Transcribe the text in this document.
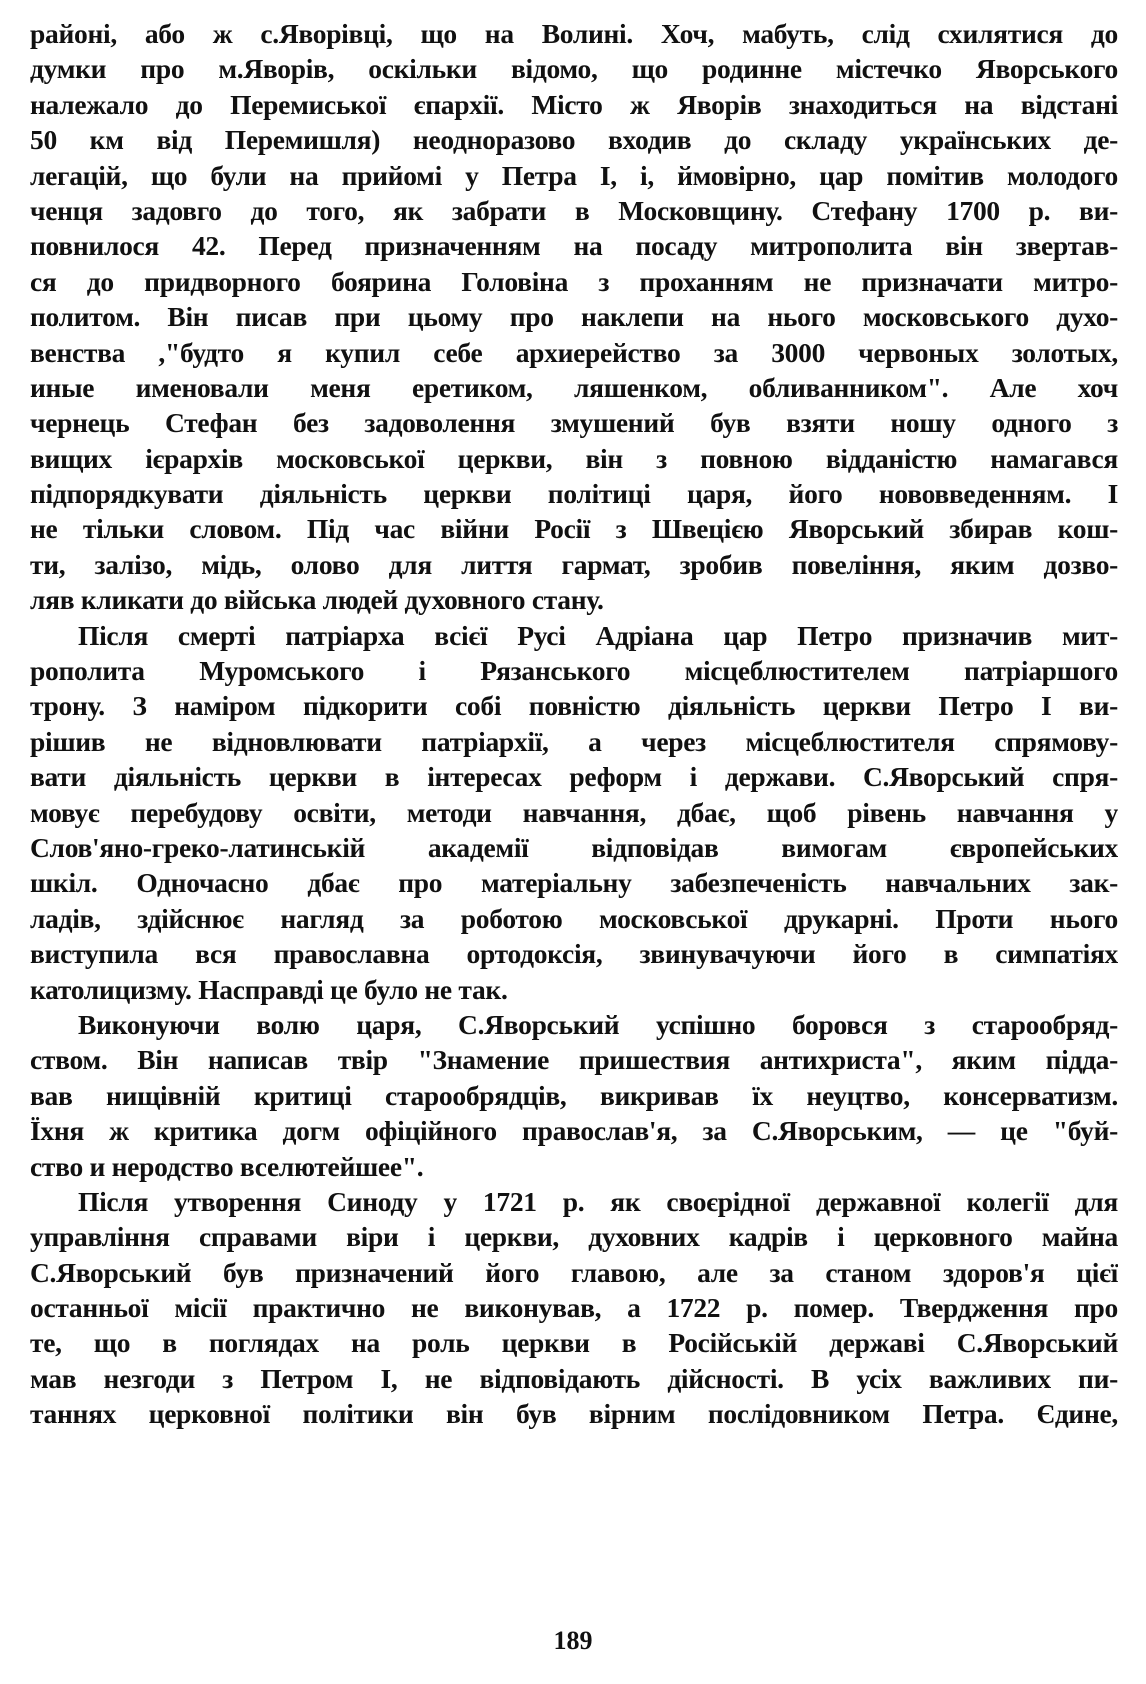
районі, або ж с.Яворівці, що на Волині. Хоч, мабуть, слід схилятися до
думки про м.Яворів, оскільки відомо, що родинне містечко Яворського
належало до Перемиської єпархії. Місто ж Яворів знаходиться на відстані
50 км від Перемишля) неодноразово входив до складу українських де-
легацій, що були на прийомі у Петра І, і, ймовірно, цар помітив молодого
ченця задовго до того, як забрати в Московщину. Стефану 1700 р. ви-
повнилося 42. Перед призначенням на посаду митрополита він звертав-
ся до придворного боярина Головіна з проханням не призначати митро-
политом. Він писав при цьому про наклепи на нього московського духо-
венства ,"будто я купил себе архиерейство за 3000 червоных золотых,
иные именовали меня еретиком, ляшенком, обливанником". Але хоч
чернець Стефан без задоволення змушений був взяти ношу одного з
вищих ієрархів московської церкви, він з повною відданістю намагався
підпорядкувати діяльність церкви політиці царя, його нововведенням. І
не тільки словом. Під час війни Росії з Швецією Яворський збирав кош-
ти, залізо, мідь, олово для лиття гармат, зробив повеління, яким дозво-
ляв кликати до війська людей духовного стану.
Після смерті патріарха всієї Русі Адріана цар Петро призначив мит-
рополита Муромського і Рязанського місцеблюстителем патріаршого
трону. З наміром підкорити собі повністю діяльність церкви Петро І ви-
рішив не відновлювати патріархії, а через місцеблюстителя спрямову-
вати діяльність церкви в інтересах реформ і держави. С.Яворський спря-
мовує перебудову освіти, методи навчання, дбає, щоб рівень навчання у
Слов'яно-греко-латинській академії відповідав вимогам європейських
шкіл. Одночасно дбає про матеріальну забезпеченість навчальних зак-
ладів, здійснює нагляд за роботою московської друкарні. Проти нього
виступила вся православна ортодоксія, звинувачуючи його в симпатіях
католицизму. Насправді це було не так.
Виконуючи волю царя, С.Яворський успішно боровся з старообряд-
ством. Він написав твір "Знамение пришествия антихриста", яким підда-
вав нищівній критиці старообрядців, викривав їх неуцтво, консерватизм.
Їхня ж критика догм офіційного православ'я, за С.Яворським, — це "буй-
ство и неродство вселютейшее".
Після утворення Синоду у 1721 р. як своєрідної державної колегії для
управління справами віри і церкви, духовних кадрів і церковного майна
С.Яворський був призначений його главою, але за станом здоров'я цієї
останньої місії практично не виконував, а 1722 р. помер. Твердження про
те, що в поглядах на роль церкви в Російській державі С.Яворський
мав незгоди з Петром І, не відповідають дійсності. В усіх важливих пи-
таннях церковної політики він був вірним послідовником Петра. Єдине,
189
